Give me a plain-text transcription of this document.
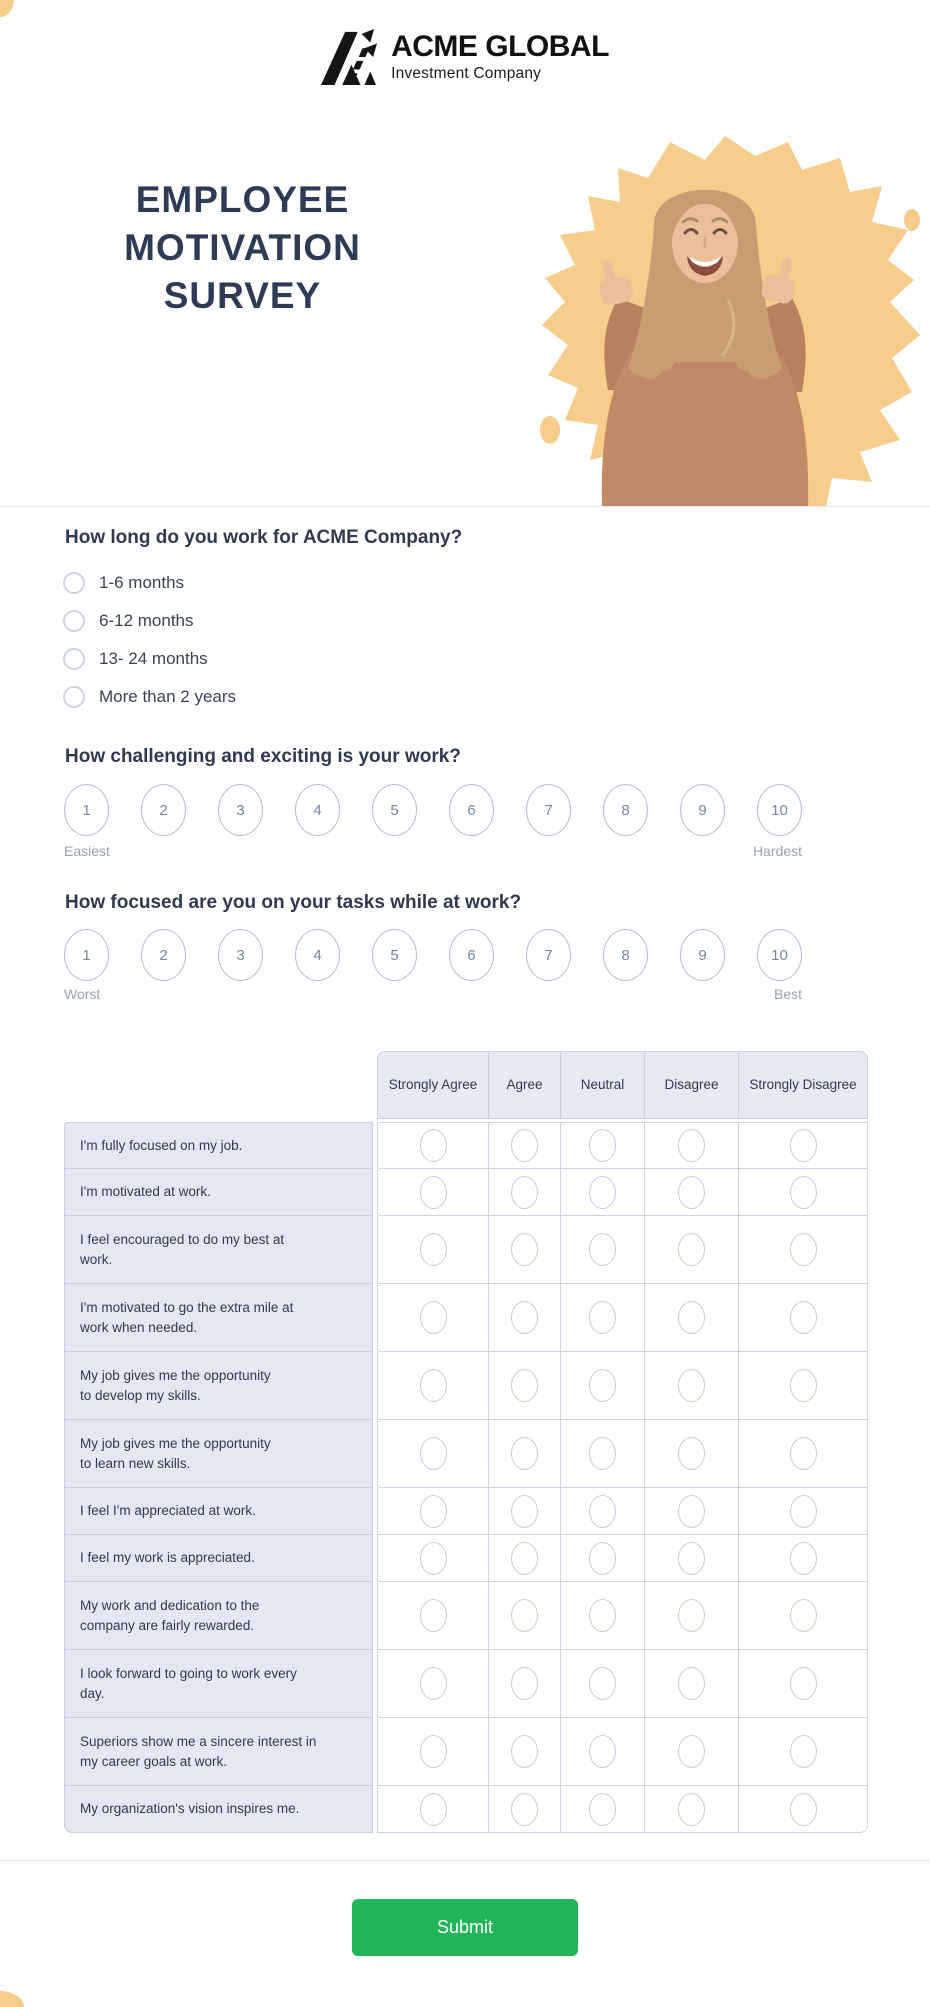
ACME GLOBAL
Investment Company
EMPLOYEE
MOTIVATION
SURVEY
How long do you work for ACME Company?
1-6 months
6-12 months
13- 24 months
More than 2 years
How challenging and exciting is your work?
1	2	3	4	5	6	7	8	9	10
Easiest	Hardest
How focused are you on your tasks while at work?
1	2	3	4	5	6	7	8	9	10
Worst	Best
Strongly Agree	Agree	Neutral	Disagree	Strongly Disagree
I'm fully focused on my job.
I'm motivated at work.
I feel encouraged to do my best at
work.
I'm motivated to go the extra mile at
work when needed.
My job gives me the opportunity
to develop my skills.
My job gives me the opportunity
to learn new skills.
I feel I'm appreciated at work.
I feel my work is appreciated.
My work and dedication to the
company are fairly rewarded.
I look forward to going to work every
day.
Superiors show me a sincere interest in
my career goals at work.
My organization's vision inspires me.
Submit
